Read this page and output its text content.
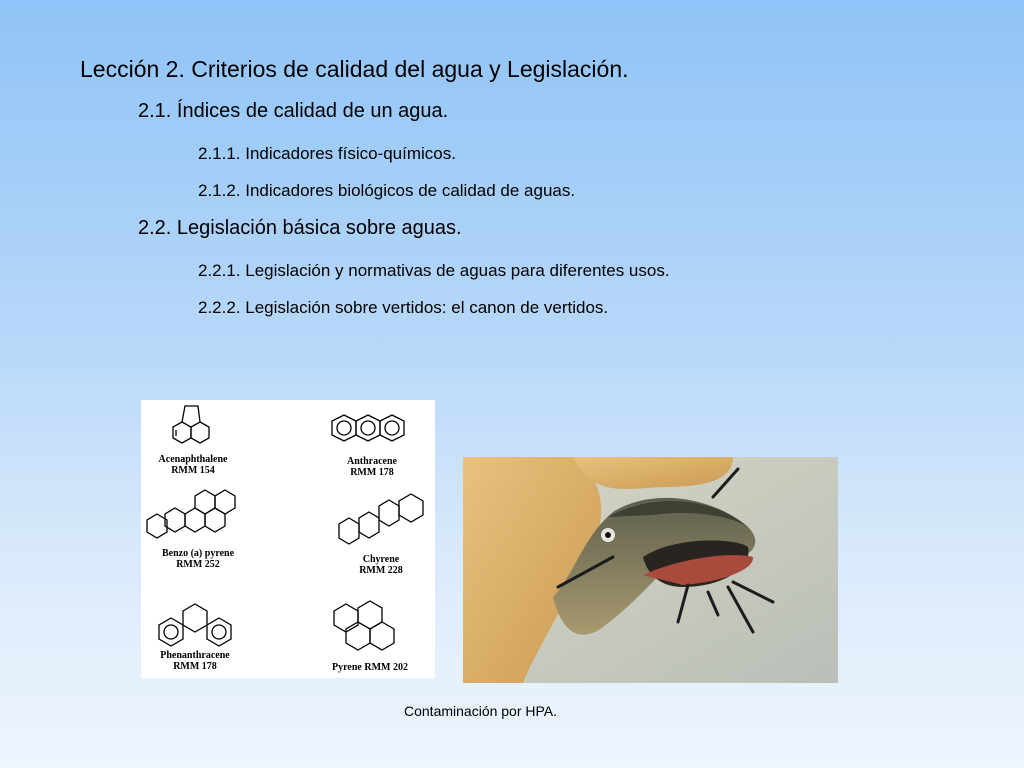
Lección 2. Criterios de calidad del agua y Legislación.
2.1. Índices de calidad de un agua.
2.1.1. Indicadores físico-químicos.
2.1.2. Indicadores biológicos de calidad de aguas.
2.2. Legislación básica sobre aguas.
2.2.1. Legislación y normativas de aguas para diferentes usos.
2.2.2. Legislación sobre vertidos: el canon de vertidos.
Acenaphthalene
RMM 154
Anthracene
RMM 178
Benzo (a) pyrene
RMM 252	Chyrene
RMM 228
Phenanthracene
RMM 178	Pyrene RMM 202
Contaminación por HPA.
